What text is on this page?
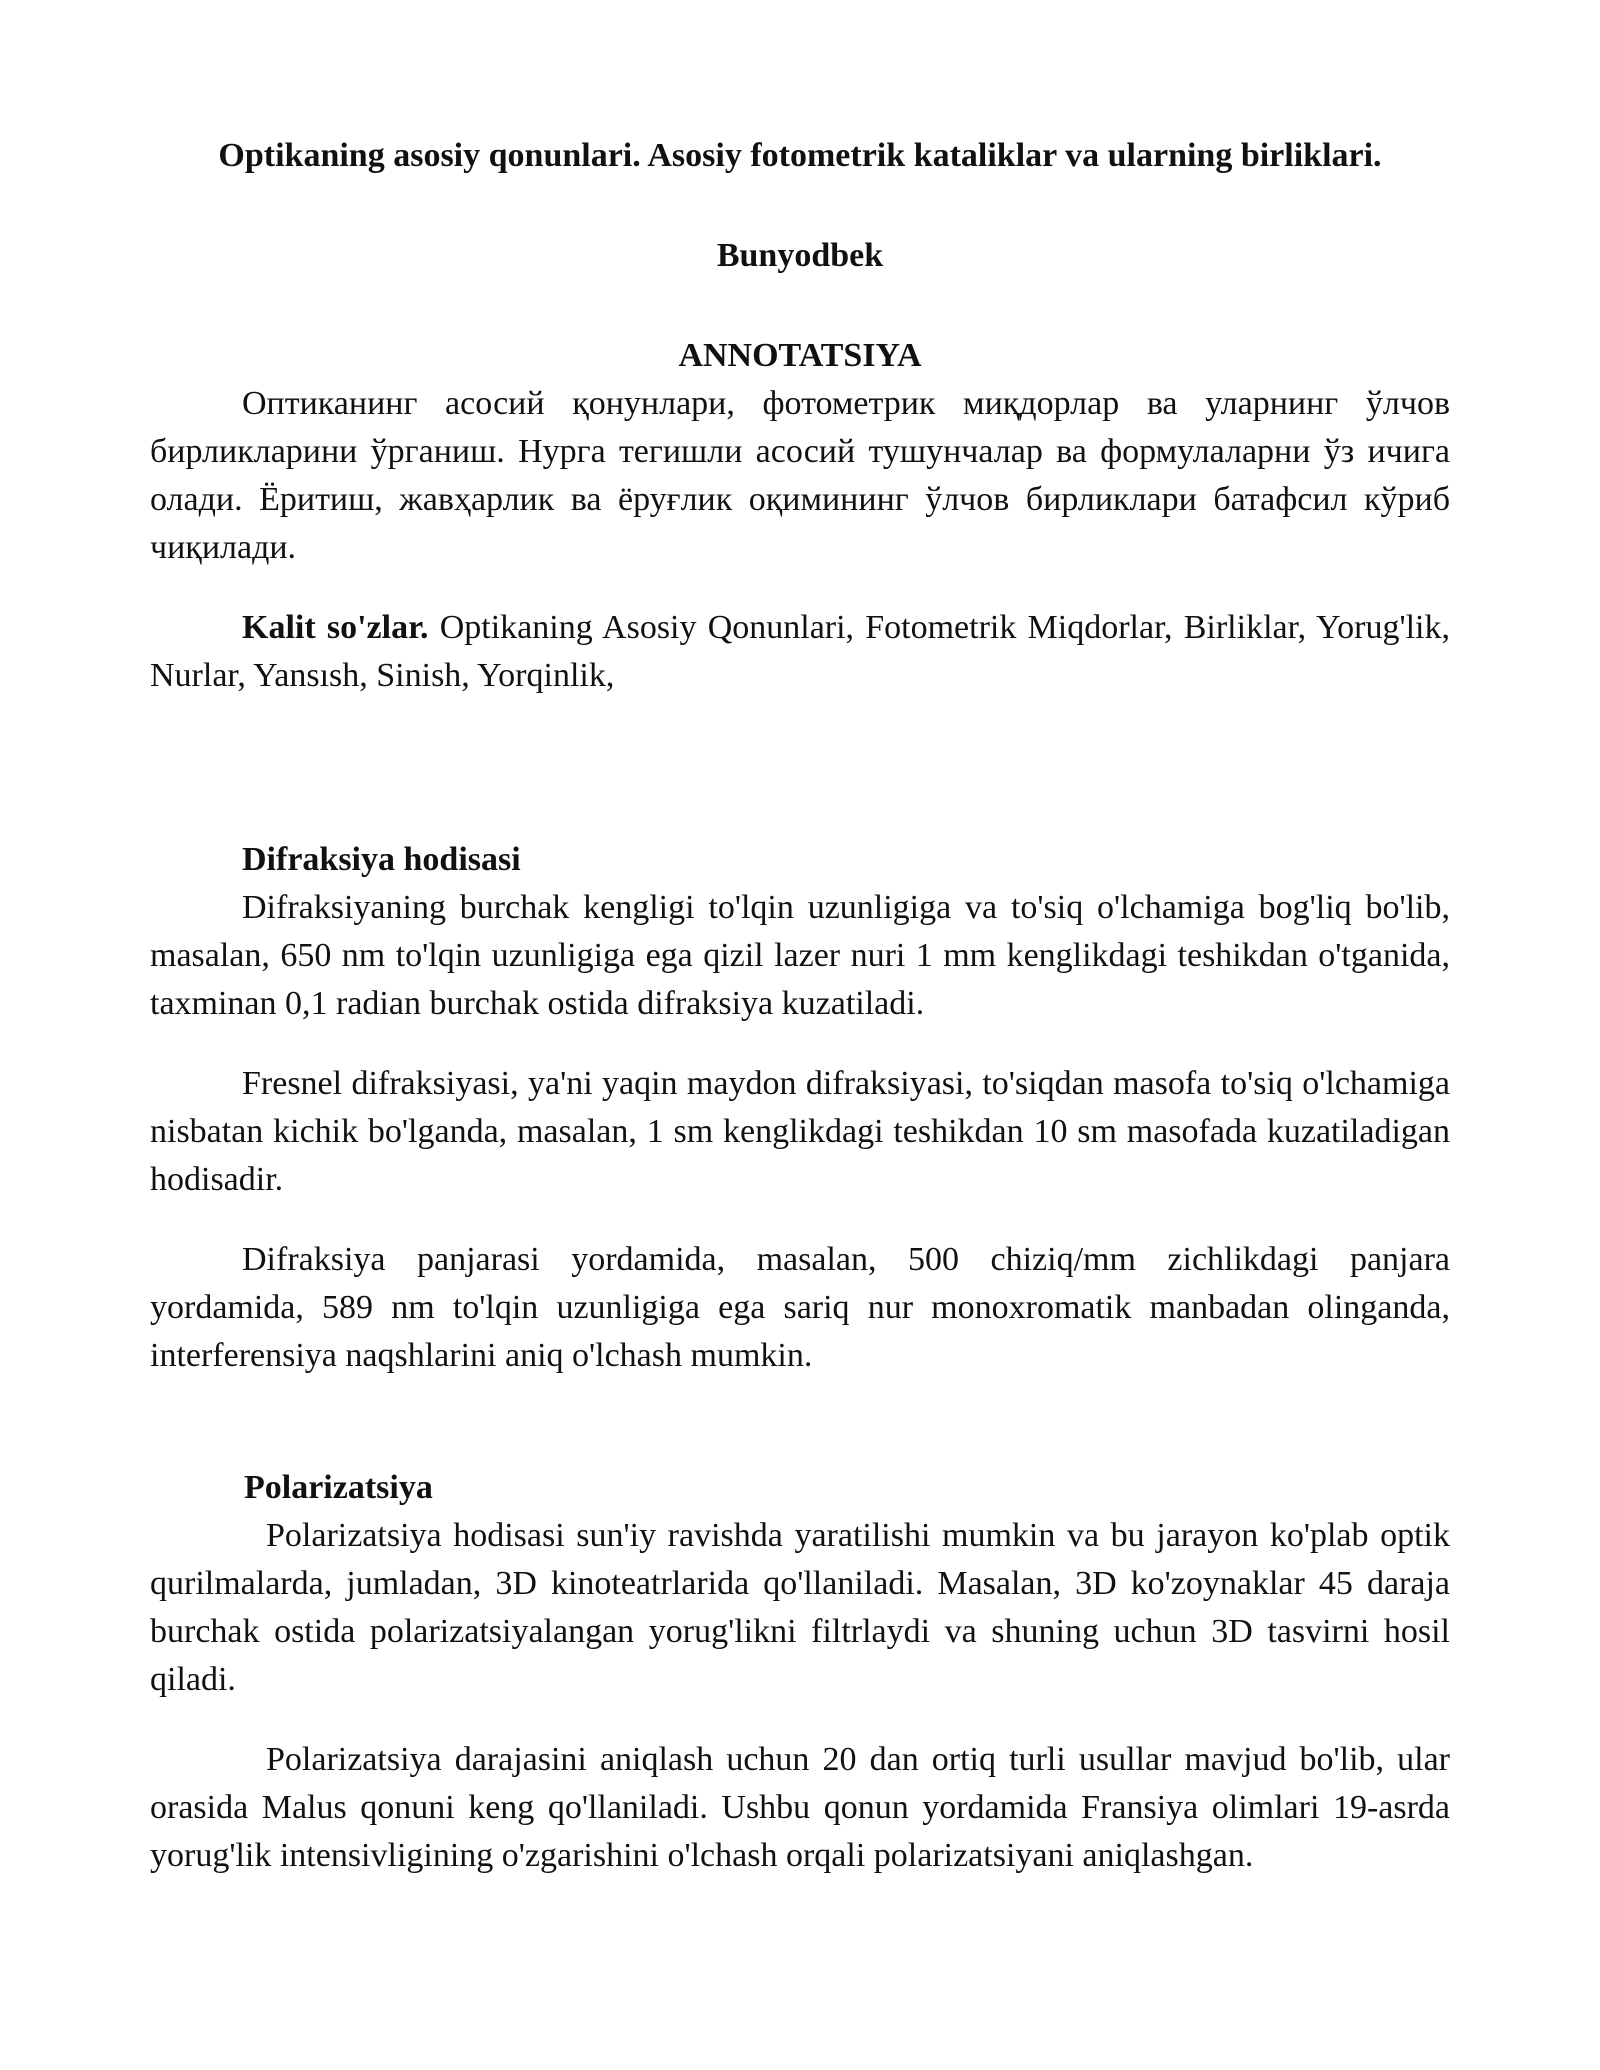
Optikaning asosiy qonunlari. Asosiy fotometrik kataliklar va ularning birliklari.

Bunyodbek

ANNOTATSIYA

Оптиканинг асосий қонунлари, фотометрик миқдорлар ва уларнинг ўлчов бирликларини ўрганиш. Нурга тегишли асосий тушунчалар ва формулаларни ўз ичига олади. Ёритиш, жавҳарлик ва ёруғлик оқимининг ўлчов бирликлари батафсил кўриб чиқилади.

Kalit so'zlar. Optikaning Asosiy Qonunlari, Fotometrik Miqdorlar, Birliklar, Yorug'lik, Nurlar, Yansısh, Sinish, Yorqinlik,

Difraksiya hodisasi

Difraksiyaning burchak kengligi to'lqin uzunligiga va to'siq o'lchamiga bog'liq bo'lib, masalan, 650 nm to'lqin uzunligiga ega qizil lazer nuri 1 mm kenglikdagi teshikdan o'tganida, taxminan 0,1 radian burchak ostida difraksiya kuzatiladi.

Fresnel difraksiyasi, ya'ni yaqin maydon difraksiyasi, to'siqdan masofa to'siq o'lchamiga nisbatan kichik bo'lganda, masalan, 1 sm kenglikdagi teshikdan 10 sm masofada kuzatiladigan hodisadir.

Difraksiya panjarasi yordamida, masalan, 500 chiziq/mm zichlikdagi panjara yordamida, 589 nm to'lqin uzunligiga ega sariq nur monoxromatik manbadan olinganda, interferensiya naqshlarini aniq o'lchash mumkin.

Polarizatsiya

Polarizatsiya hodisasi sun'iy ravishda yaratilishi mumkin va bu jarayon ko'plab optik qurilmalarda, jumladan, 3D kinoteatrlarida qo'llaniladi. Masalan, 3D ko'zoynaklar 45 daraja burchak ostida polarizatsiyalangan yorug'likni filtrlaydi va shuning uchun 3D tasvirni hosil qiladi.

Polarizatsiya darajasini aniqlash uchun 20 dan ortiq turli usullar mavjud bo'lib, ular orasida Malus qonuni keng qo'llaniladi. Ushbu qonun yordamida Fransiya olimlari 19-asrda yorug'lik intensivligining o'zgarishini o'lchash orqali polarizatsiyani aniqlashgan.
